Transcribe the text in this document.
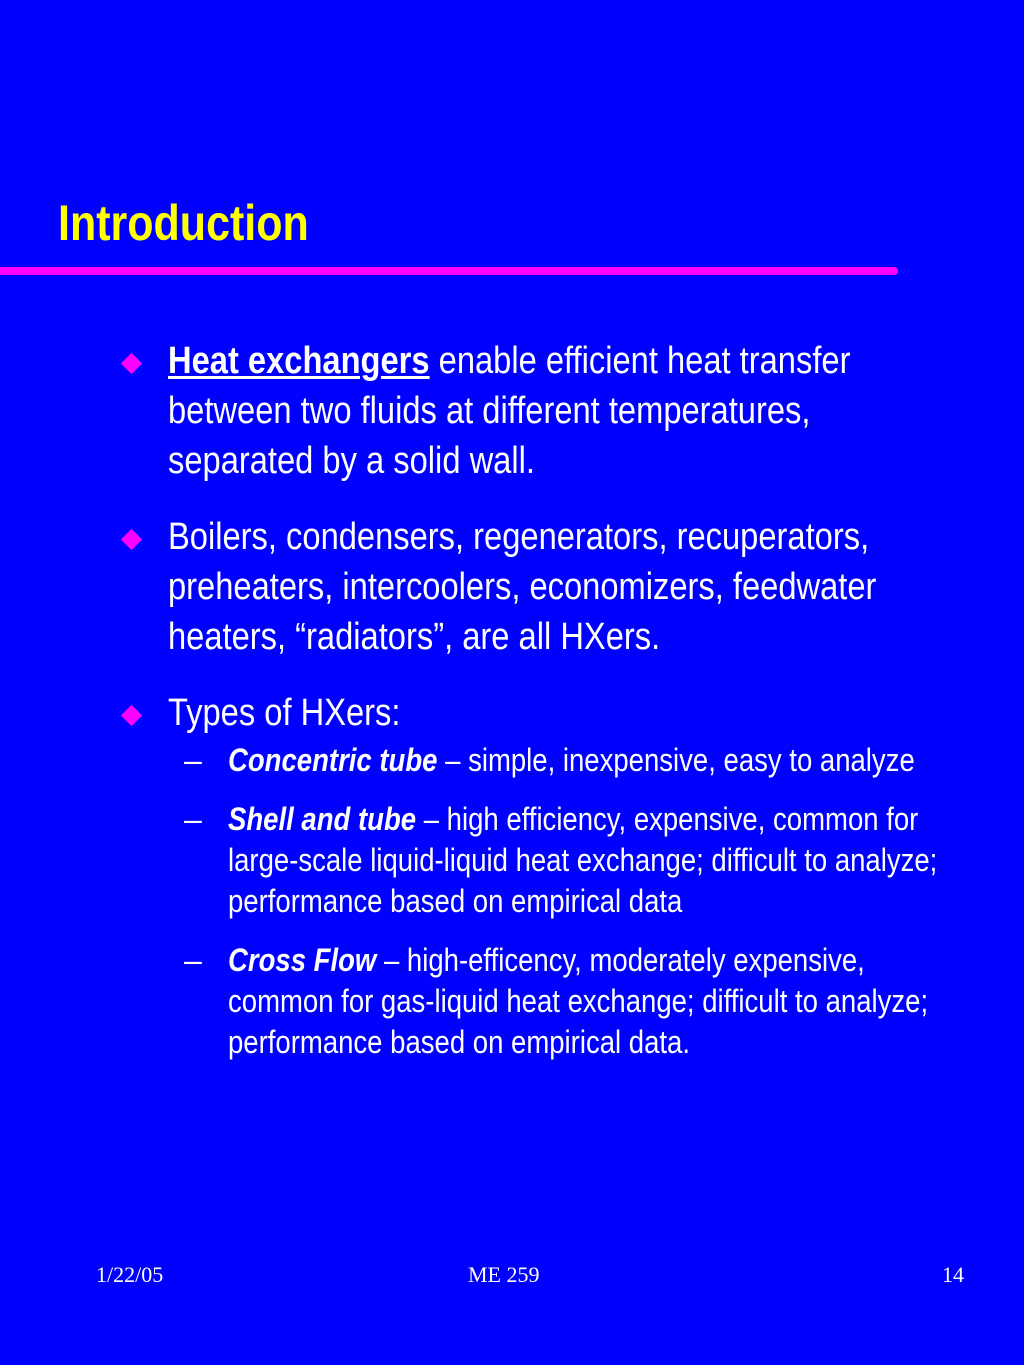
Introduction
Heat exchangers enable efficient heat transfer between two fluids at different temperatures, separated by a solid wall.
Boilers, condensers, regenerators, recuperators, preheaters, intercoolers, economizers, feedwater heaters, “radiators”, are all HXers.
Types of HXers:
– Concentric tube – simple, inexpensive, easy to analyze
– Shell and tube – high efficiency, expensive, common for large-scale liquid-liquid heat exchange; difficult to analyze; performance based on empirical data
– Cross Flow – high-efficency, moderately expensive, common for gas-liquid heat exchange; difficult to analyze; performance based on empirical data.
1/22/05	ME 259	14
